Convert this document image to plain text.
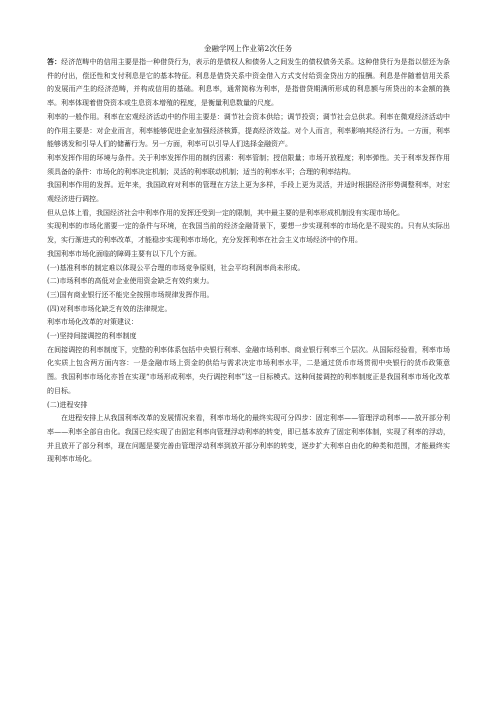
金融学网上作业第2次任务

答：经济范畴中的信用主要是指一种借贷行为，表示的是债权人和债务人之间发生的债权债务关系。这种借贷行为是指以偿还为条件的付出，偿还性和支付利息是它的基本特征。利息是借贷关系中资金借入方式支付给资金贷出方的报酬。利息是伴随着信用关系的发展而产生的经济范畴，并构成信用的基础。利息率，通常简称为利率，是指借贷期满所形成的利息额与所贷出的本金额的换率。利率体现着借贷资本或生息资本增殖的程度，是衡量利息数量的尺度。

利率的一般作用。利率在宏观经济活动中的作用主要是：调节社会资本供给；调节投资；调节社会总供求。利率在微观经济活动中的作用主要是：对企业而言，利率能够促进企业加强经济核算，提高经济效益。对个人而言，利率影响其经济行为。一方面，利率能够诱发和引导人们的储蓄行为。另一方面，利率可以引导人们选择金融资产。

利率发挥作用的环境与条件。关于利率发挥作用的制约因素：利率管制；授信限量；市场开放程度；利率弹性。关于利率发挥作用须具备的条件：市场化的利率决定机制；灵活的利率联动机制；适当的利率水平；合理的利率结构。

我国利率作用的发挥。近年来，我国政府对利率的管理在方法上更为多样，手段上更为灵活，并适时根据经济形势调整利率，对宏观经济进行调控。

但从总体上看，我国经济社会中利率作用的发挥还受到一定的限制，其中最主要的是利率形成机制没有实现市场化。

实现利率的市场化需要一定的条件与环境，在我国当前的经济金融背景下，要想一步实现利率的市场化是不现实的。只有从实际出发，实行渐进式的利率改革，才能稳步实现利率市场化，充分发挥利率在社会主义市场经济中的作用。

我国利率市场化面临的障碍主要有以下几个方面。

(一)基准利率的制定难以体现公平合理的市场竞争原则，社会平均利润率尚未形成。

(二)市场利率的高低对企业使用资金缺乏有效约束力。

(三)国有商业银行还不能完全按照市场规律发挥作用。

(四)对利率市场化缺乏有效的法律规定。

利率市场化改革的对策建议：

(一)坚持间接调控的利率制度

在间接调控的利率制度下，完整的利率体系包括中央银行利率、金融市场利率、商业银行利率三个层次。从国际经验看，利率市场化实质上包含两方面内容：一是金融市场上资金的供给与需求决定市场利率水平，二是通过货币市场贯彻中央银行的货币政策意图。我国利率市场化亦旨在实现“市场形成利率，央行调控利率”这一目标模式。这种间接调控的利率制度正是我国利率市场化改革的目标。

(二)进程安排

在进程安排上从我国利率改革的发展情况来看，利率市场化的最终实现可分四步：固定利率——管理浮动利率——放开部分利率——利率全部自由化。我国已经实现了由固定利率向管理浮动利率的转变，即已基本放弃了固定利率体制，实现了利率的浮动，并且放开了部分利率，现在问题是要完善由管理浮动利率到放开部分利率的转变，逐步扩大利率自由化的种类和范围，才能最终实现利率市场化。
